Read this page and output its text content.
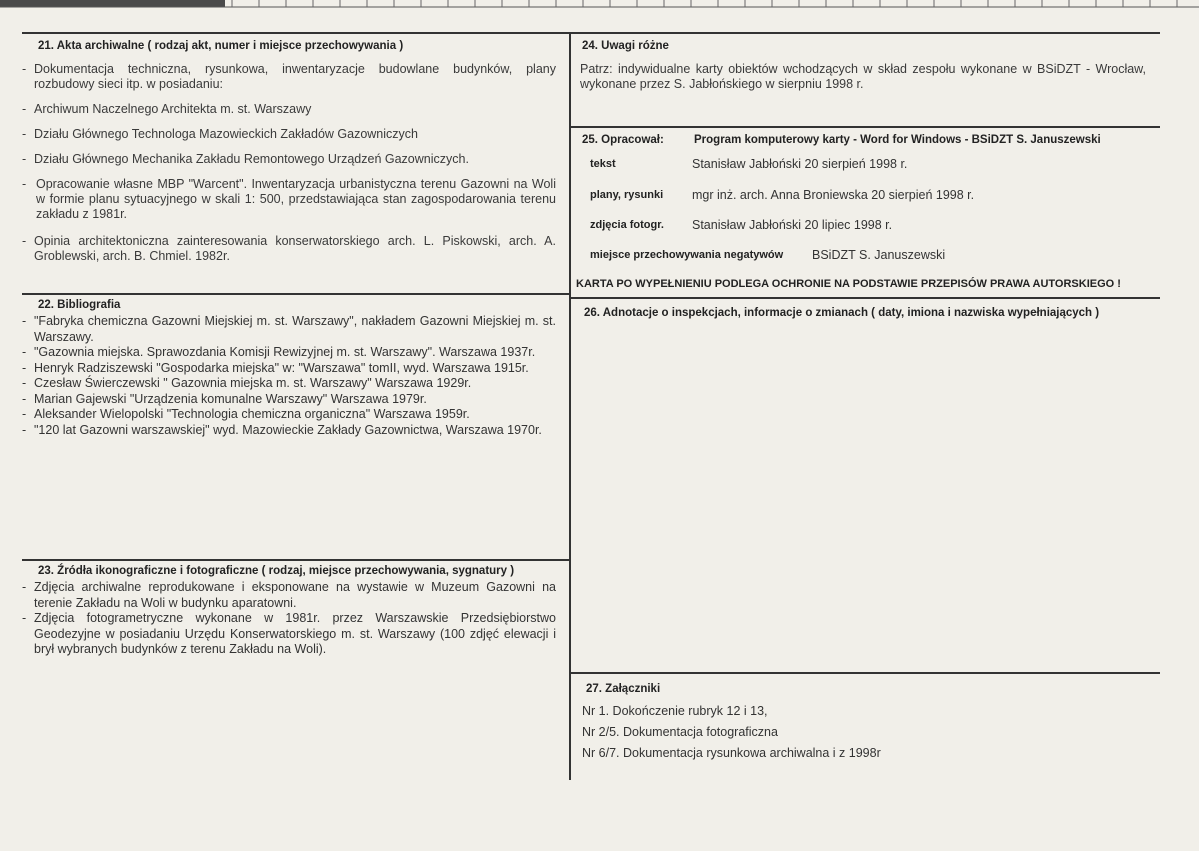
21. Akta archiwalne ( rodzaj akt, numer i miejsce przechowywania )
- Dokumentacja techniczna, rysunkowa, inwentaryzacje budowlane budynków, plany rozbudowy sieci itp. w posiadaniu:
- Archiwum Naczelnego Architekta m. st. Warszawy
- Działu Głównego Technologa Mazowieckich Zakładów Gazowniczych
- Działu Głównego Mechanika Zakładu Remontowego Urządzeń Gazowniczych.
- Opracowanie własne MBP "Warcent". Inwentaryzacja urbanistyczna terenu Gazowni na Woli w formie planu sytuacyjnego w skali 1: 500, przedstawiająca stan zagospodarowania terenu zakładu z 1981r.
- Opinia architektoniczna zainteresowania konserwatorskiego arch. L. Piskowski, arch. A. Groblewski, arch. B. Chmiel. 1982r.
22. Bibliografia
- "Fabryka chemiczna Gazowni Miejskiej m. st. Warszawy", nakładem Gazowni Miejskiej m. st. Warszawy.
- "Gazownia miejska. Sprawozdania Komisji Rewizyjnej m. st. Warszawy". Warszawa 1937r.
- Henryk Radziszewski "Gospodarka miejska" w: "Warszawa" tomII, wyd. Warszawa 1915r.
- Czesław Świerczewski " Gazownia miejska m. st. Warszawy" Warszawa 1929r.
- Marian Gajewski "Urządzenia komunalne Warszawy" Warszawa 1979r.
- Aleksander Wielopolski "Technologia chemiczna organiczna" Warszawa 1959r.
- "120 lat Gazowni warszawskiej" wyd. Mazowieckie Zakłady Gazownictwa, Warszawa 1970r.
23. Źródła ikonograficzne i fotograficzne ( rodzaj, miejsce przechowywania, sygnatury )
- Zdjęcia archiwalne reprodukowane i eksponowane na wystawie w Muzeum Gazowni na terenie Zakładu na Woli w budynku aparatowni.
- Zdjęcia fotogrametryczne wykonane w 1981r. przez Warszawskie Przedsiębiorstwo Geodezyjne w posiadaniu Urzędu Konserwatorskiego m. st. Warszawy (100 zdjęć elewacji i brył wybranych budynków z terenu Zakładu na Woli).
24. Uwagi różne
Patrz: indywidualne karty obiektów wchodzących w skład zespołu wykonane w BSiDZT - Wrocław, wykonane przez S. Jabłońskiego w sierpniu 1998 r.
25. Opracował:	Program komputerowy karty - Word for Windows - BSiDZT S. Januszewski
tekst	Stanisław Jabłoński 20 sierpień 1998 r.
plany, rysunki mgr inż. arch. Anna Broniewska 20 sierpień 1998 r.
zdjęcia fotogr. Stanisław Jabłoński 20 lipiec 1998 r.
miejsce przechowywania negatywów BSiDZT S. Januszewski
KARTA PO WYPEŁNIENIU PODLEGA OCHRONIE NA PODSTAWIE PRZEPISÓW PRAWA AUTORSKIEGO !
26. Adnotacje o inspekcjach, informacje o zmianach ( daty, imiona i nazwiska wypełniających )
27. Załączniki
Nr 1. Dokończenie rubryk 12 i 13,
Nr 2/5. Dokumentacja fotograficzna
Nr 6/7. Dokumentacja rysunkowa archiwalna i z 1998r
